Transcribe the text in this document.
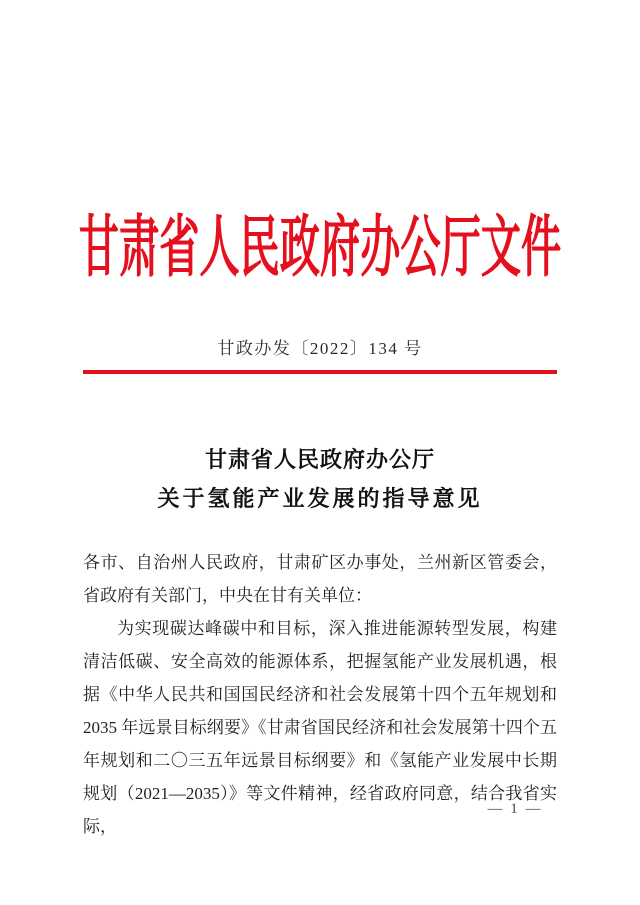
甘肃省人民政府办公厅文件
甘政办发〔2022〕134 号
甘肃省人民政府办公厅
关于氢能产业发展的指导意见

各市、自治州人民政府，甘肃矿区办事处，兰州新区管委会，省政府有关部门，中央在甘有关单位：

为实现碳达峰碳中和目标，深入推进能源转型发展，构建清洁低碳、安全高效的能源体系，把握氢能产业发展机遇，根据《中华人民共和国国民经济和社会发展第十四个五年规划和 2035 年远景目标纲要》《甘肃省国民经济和社会发展第十四个五年规划和二〇三五年远景目标纲要》和《氢能产业发展中长期规划（2021—2035）》等文件精神，经省政府同意，结合我省实际，

— 1 —
